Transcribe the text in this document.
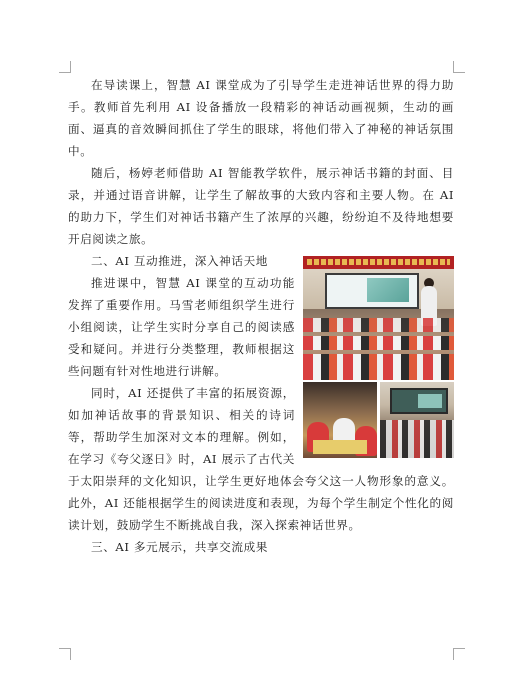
在导读课上，智慧 AI 课堂成为了引导学生走进神话世界的得力助手。教师首先利用 AI 设备播放一段精彩的神话动画视频，生动的画面、逼真的音效瞬间抓住了学生的眼球，将他们带入了神秘的神话氛围中。

随后，杨婷老师借助 AI 智能教学软件，展示神话书籍的封面、目录，并通过语音讲解，让学生了解故事的大致内容和主要人物。在 AI 的助力下，学生们对神话书籍产生了浓厚的兴趣，纷纷迫不及待地想要开启阅读之旅。

二、AI 互动推进，深入神话天地

推进课中，智慧 AI 课堂的互动功能发挥了重要作用。马雪老师组织学生进行小组阅读，让学生实时分享自己的阅读感受和疑问。并进行分类整理，教师根据这些问题有针对性地进行讲解。

同时，AI 还提供了丰富的拓展资源，如加神话故事的背景知识、相关的诗词等，帮助学生加深对文本的理解。例如，在学习《夸父逐日》时，AI 展示了古代关于太阳崇拜的文化知识，让学生更好地体会夸父这一人物形象的意义。此外，AI 还能根据学生的阅读进度和表现，为每个学生制定个性化的阅读计划，鼓励学生不断挑战自我，深入探索神话世界。

三、AI 多元展示，共享交流成果
